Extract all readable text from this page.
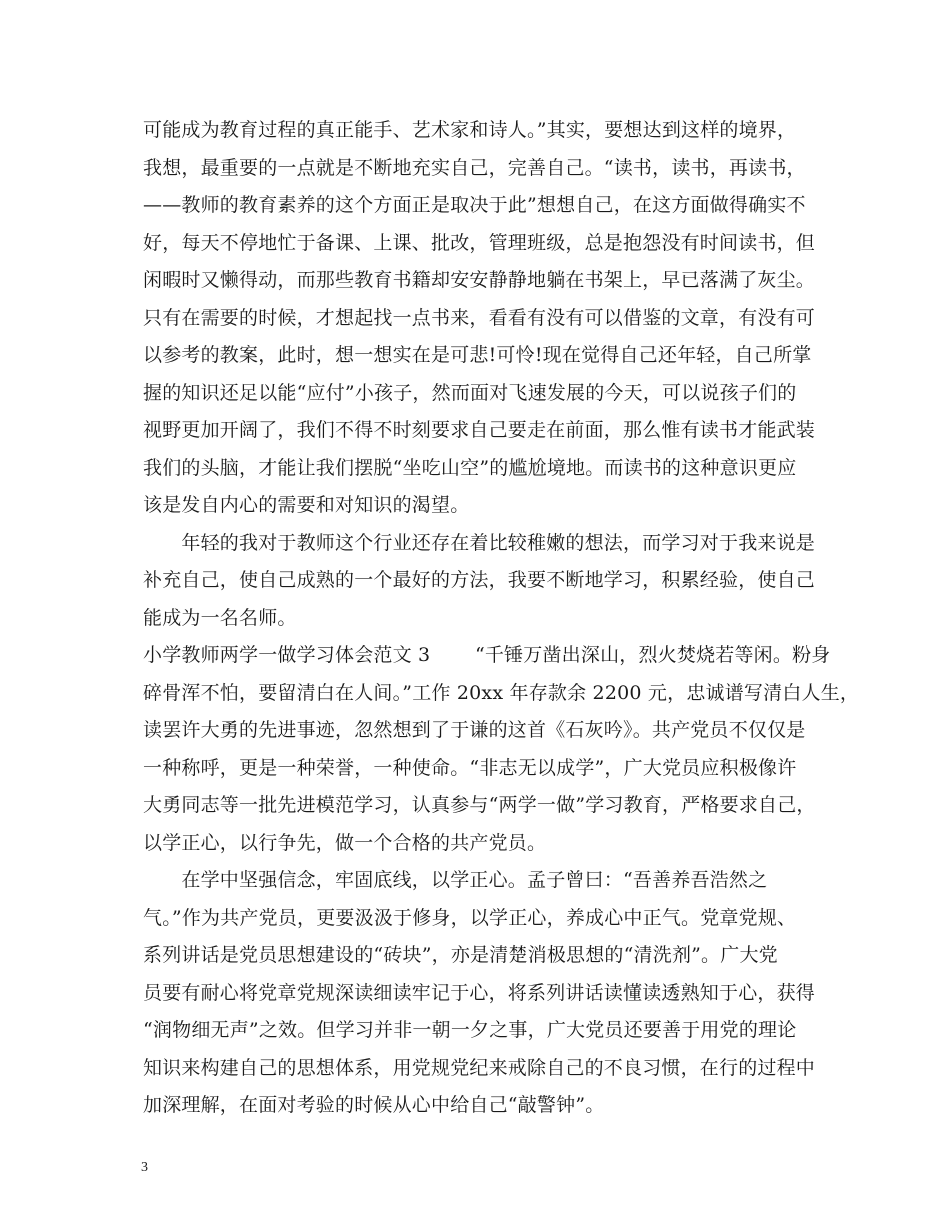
可能成为教育过程的真正能手、艺术家和诗人。”其实，要想达到这样的境界，
我想，最重要的一点就是不断地充实自己，完善自己。“读书，读书，再读书，
——教师的教育素养的这个方面正是取决于此”想想自己，在这方面做得确实不
好，每天不停地忙于备课、上课、批改，管理班级，总是抱怨没有时间读书，但
闲暇时又懒得动，而那些教育书籍却安安静静地躺在书架上，早已落满了灰尘。
只有在需要的时候，才想起找一点书来，看看有没有可以借鉴的文章，有没有可
以参考的教案，此时，想一想实在是可悲!可怜!现在觉得自己还年轻，自己所掌
握的知识还足以能“应付”小孩子，然而面对飞速发展的今天，可以说孩子们的
视野更加开阔了，我们不得不时刻要求自己要走在前面，那么惟有读书才能武装
我们的头脑，才能让我们摆脱“坐吃山空”的尴尬境地。而读书的这种意识更应
该是发自内心的需要和对知识的渴望。
　　年轻的我对于教师这个行业还存在着比较稚嫩的想法，而学习对于我来说是
补充自己，使自己成熟的一个最好的方法，我要不断地学习，积累经验，使自己
能成为一名名师。
小学教师两学一做学习体会范文 3　　 “千锤万凿出深山，烈火焚烧若等闲。粉身
碎骨浑不怕，要留清白在人间。”工作 20xx 年存款余 2200 元，忠诚谱写清白人生，
读罢许大勇的先进事迹，忽然想到了于谦的这首《石灰吟》。共产党员不仅仅是
一种称呼，更是一种荣誉，一种使命。“非志无以成学”，广大党员应积极像许
大勇同志等一批先进模范学习，认真参与“两学一做”学习教育，严格要求自己，
以学正心，以行争先，做一个合格的共产党员。
　　在学中坚强信念，牢固底线，以学正心。孟子曾曰：“吾善养吾浩然之
气。”作为共产党员，更要汲汲于修身，以学正心，养成心中正气。党章党规、
系列讲话是党员思想建设的“砖块”，亦是清楚消极思想的“清洗剂”。广大党
员要有耐心将党章党规深读细读牢记于心，将系列讲话读懂读透熟知于心，获得
“润物细无声”之效。但学习并非一朝一夕之事，广大党员还要善于用党的理论
知识来构建自己的思想体系，用党规党纪来戒除自己的不良习惯，在行的过程中
加深理解，在面对考验的时候从心中给自己“敲警钟”。
3
